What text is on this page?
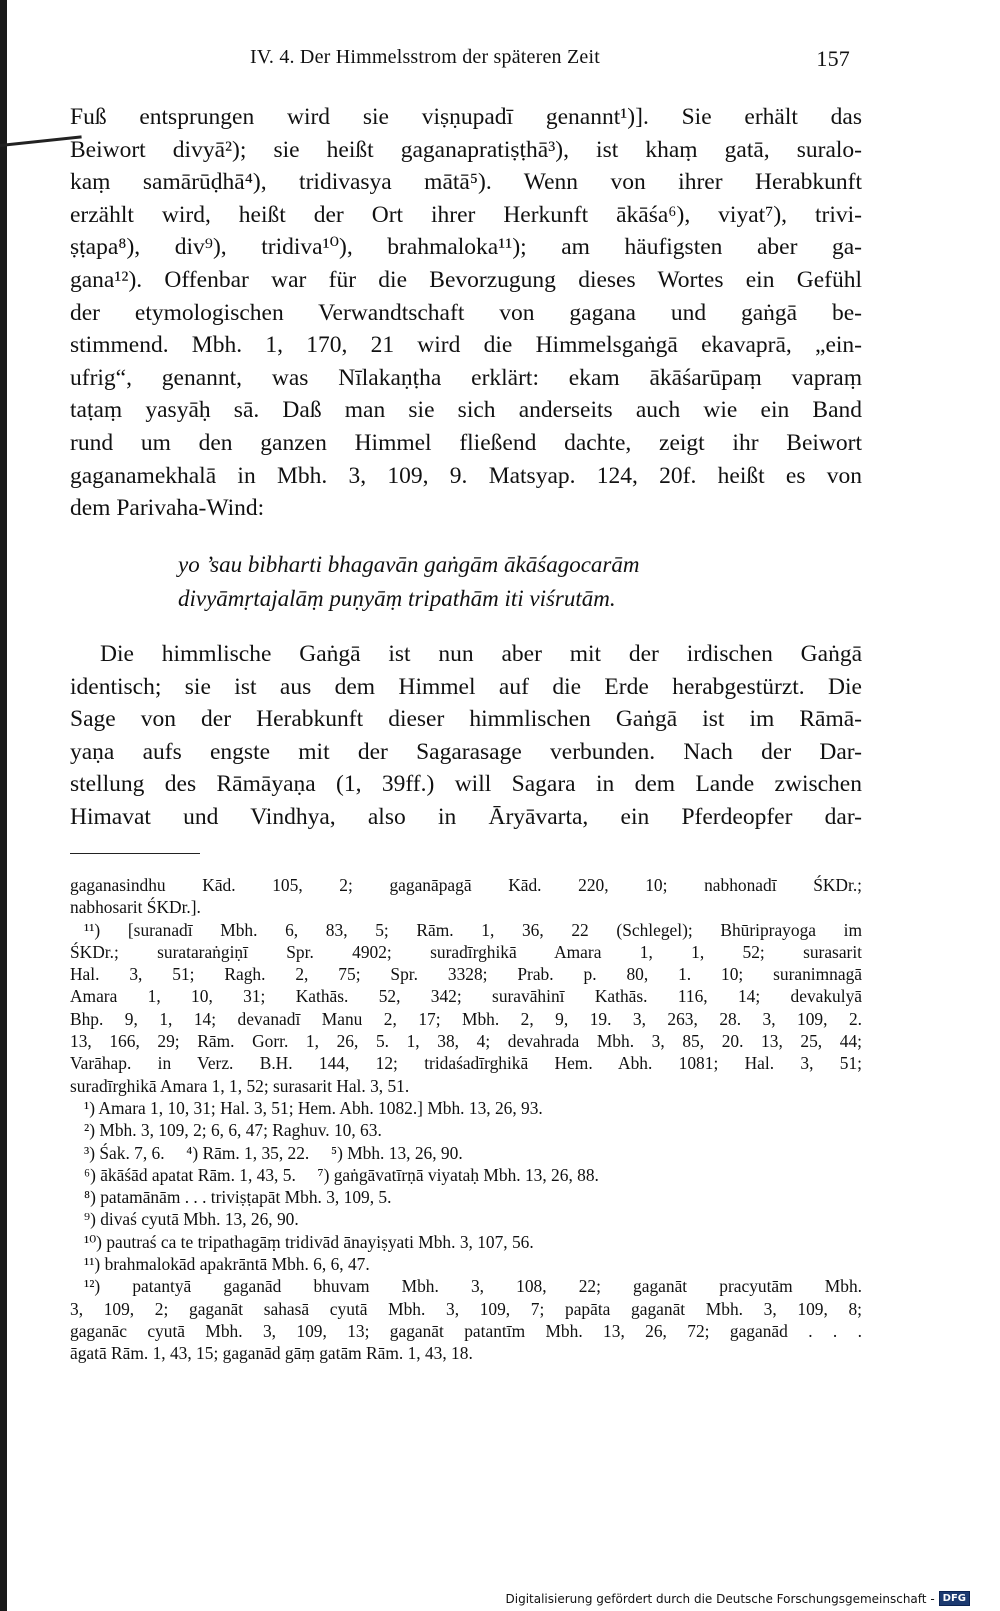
IV. 4. Der Himmelsstrom der späteren Zeit	157
Fuß entsprungen wird sie viṣṇupadī genannt¹)]. Sie erhält das
Beiwort divyā²); sie heißt gaganapratiṣṭhā³), ist khaṃ gatā, suralo-
kaṃ samārūḍhā⁴), tridivasya mātā⁵). Wenn von ihrer Herabkunft
erzählt wird, heißt der Ort ihrer Herkunft ākāśa⁶), viyat⁷), trivi-
ṣṭapa⁸), div⁹), tridiva¹⁰), brahmaloka¹¹); am häufigsten aber ga-
gana¹²). Offenbar war für die Bevorzugung dieses Wortes ein Gefühl
der etymologischen Verwandtschaft von gagana und gaṅgā be-
stimmend. Mbh. 1, 170, 21 wird die Himmelsgaṅgā ekavaprā, „ein-
ufrig“, genannt, was Nīlakaṇṭha erklärt: ekam ākāśarūpaṃ vapraṃ
taṭaṃ yasyāḥ sā. Daß man sie sich anderseits auch wie ein Band
rund um den ganzen Himmel fließend dachte, zeigt ihr Beiwort
gaganamekhalā in Mbh. 3, 109, 9. Matsyap. 124, 20f. heißt es von
dem Parivaha-Wind:
yo ’sau bibharti bhagavān gaṅgām ākāśagocarām
divyāmṛtajalāṃ puṇyāṃ tripathām iti viśrutām.
Die himmlische Gaṅgā ist nun aber mit der irdischen Gaṅgā
identisch; sie ist aus dem Himmel auf die Erde herabgestürzt. Die
Sage von der Herabkunft dieser himmlischen Gaṅgā ist im Rāmā-
yaṇa aufs engste mit der Sagarasage verbunden. Nach der Dar-
stellung des Rāmāyaṇa (1, 39ff.) will Sagara in dem Lande zwischen
Himavat und Vindhya, also in Āryāvarta, ein Pferdeopfer dar-
gaganasindhu Kād. 105, 2; gaganāpagā Kād. 220, 10; nabhonadī ŚKDr.;
nabhosarit ŚKDr.].
¹¹) [suranadī Mbh. 6, 83, 5; Rām. 1, 36, 22 (Schlegel); Bhūriprayoga im
ŚKDr.; surataraṅgiṇī Spr. 4902; suradīrghikā Amara 1, 1, 52; surasarit
Hal. 3, 51; Ragh. 2, 75; Spr. 3328; Prab. p. 80, 1. 10; suranimnagā
Amara 1, 10, 31; Kathās. 52, 342; suravāhinī Kathās. 116, 14; devakulyā
Bhp. 9, 1, 14; devanadī Manu 2, 17; Mbh. 2, 9, 19. 3, 263, 28. 3, 109, 2.
13, 166, 29; Rām. Gorr. 1, 26, 5. 1, 38, 4; devahrada Mbh. 3, 85, 20. 13, 25, 44;
Varāhap. in Verz. B.H. 144, 12; tridaśadīrghikā Hem. Abh. 1081; Hal. 3, 51;
suradīrghikā Amara 1, 1, 52; surasarit Hal. 3, 51.
¹) Amara 1, 10, 31; Hal. 3, 51; Hem. Abh. 1082.] Mbh. 13, 26, 93.
²) Mbh. 3, 109, 2; 6, 6, 47; Raghuv. 10, 63.
³) Śak. 7, 6.     ⁴) Rām. 1, 35, 22.     ⁵) Mbh. 13, 26, 90.
⁶) ākāśād apatat Rām. 1, 43, 5.     ⁷) gaṅgāvatīrṇā viyataḥ Mbh. 13, 26, 88.
⁸) patamānām . . . triviṣṭapāt Mbh. 3, 109, 5.
⁹) divaś cyutā Mbh. 13, 26, 90.
¹⁰) pautraś ca te tripathagāṃ tridivād ānayiṣyati Mbh. 3, 107, 56.
¹¹) brahmalokād apakrāntā Mbh. 6, 6, 47.
¹²) patantyā gaganād bhuvam Mbh. 3, 108, 22; gaganāt pracyutām Mbh.
3, 109, 2; gaganāt sahasā cyutā Mbh. 3, 109, 7; papāta gaganāt Mbh. 3, 109, 8;
gaganāc cyutā Mbh. 3, 109, 13; gaganāt patantīm Mbh. 13, 26, 72; gaganād . . .
āgatā Rām. 1, 43, 15; gaganād gāṃ gatām Rām. 1, 43, 18.
Digitalisierung gefördert durch die Deutsche Forschungsgemeinschaft - DFG
